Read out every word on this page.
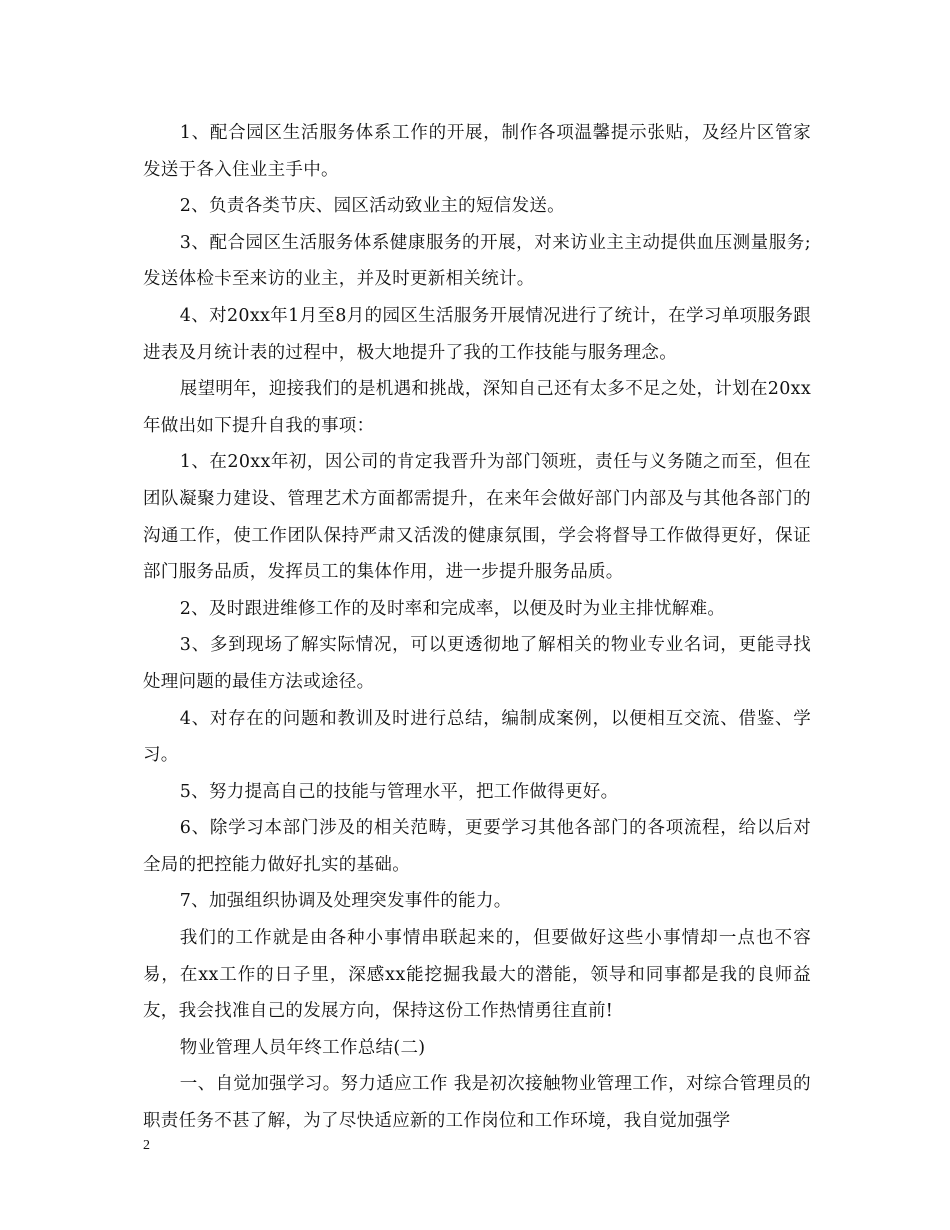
1、配合园区生活服务体系工作的开展，制作各项温馨提示张贴，及经片区管家发送于各入住业主手中。

2、负责各类节庆、园区活动致业主的短信发送。

3、配合园区生活服务体系健康服务的开展，对来访业主主动提供血压测量服务;发送体检卡至来访的业主，并及时更新相关统计。

4、对20xx年1月至8月的园区生活服务开展情况进行了统计，在学习单项服务跟进表及月统计表的过程中，极大地提升了我的工作技能与服务理念。

展望明年，迎接我们的是机遇和挑战，深知自己还有太多不足之处，计划在20xx年做出如下提升自我的事项：

1、在20xx年初，因公司的肯定我晋升为部门领班，责任与义务随之而至，但在团队凝聚力建设、管理艺术方面都需提升，在来年会做好部门内部及与其他各部门的沟通工作，使工作团队保持严肃又活泼的健康氛围，学会将督导工作做得更好，保证部门服务品质，发挥员工的集体作用，进一步提升服务品质。

2、及时跟进维修工作的及时率和完成率，以便及时为业主排忧解难。

3、多到现场了解实际情况，可以更透彻地了解相关的物业专业名词，更能寻找处理问题的最佳方法或途径。

4、对存在的问题和教训及时进行总结，编制成案例，以便相互交流、借鉴、学习。

5、努力提高自己的技能与管理水平，把工作做得更好。

6、除学习本部门涉及的相关范畴，更要学习其他各部门的各项流程，给以后对全局的把控能力做好扎实的基础。

7、加强组织协调及处理突发事件的能力。

我们的工作就是由各种小事情串联起来的，但要做好这些小事情却一点也不容易，在xx工作的日子里，深感xx能挖掘我最大的潜能，领导和同事都是我的良师益友，我会找准自己的发展方向，保持这份工作热情勇往直前!

物业管理人员年终工作总结(二)

一、自觉加强学习。努力适应工作 我是初次接触物业管理工作，对综合管理员的职责任务不甚了解，为了尽快适应新的工作岗位和工作环境，我自觉加强学

2
